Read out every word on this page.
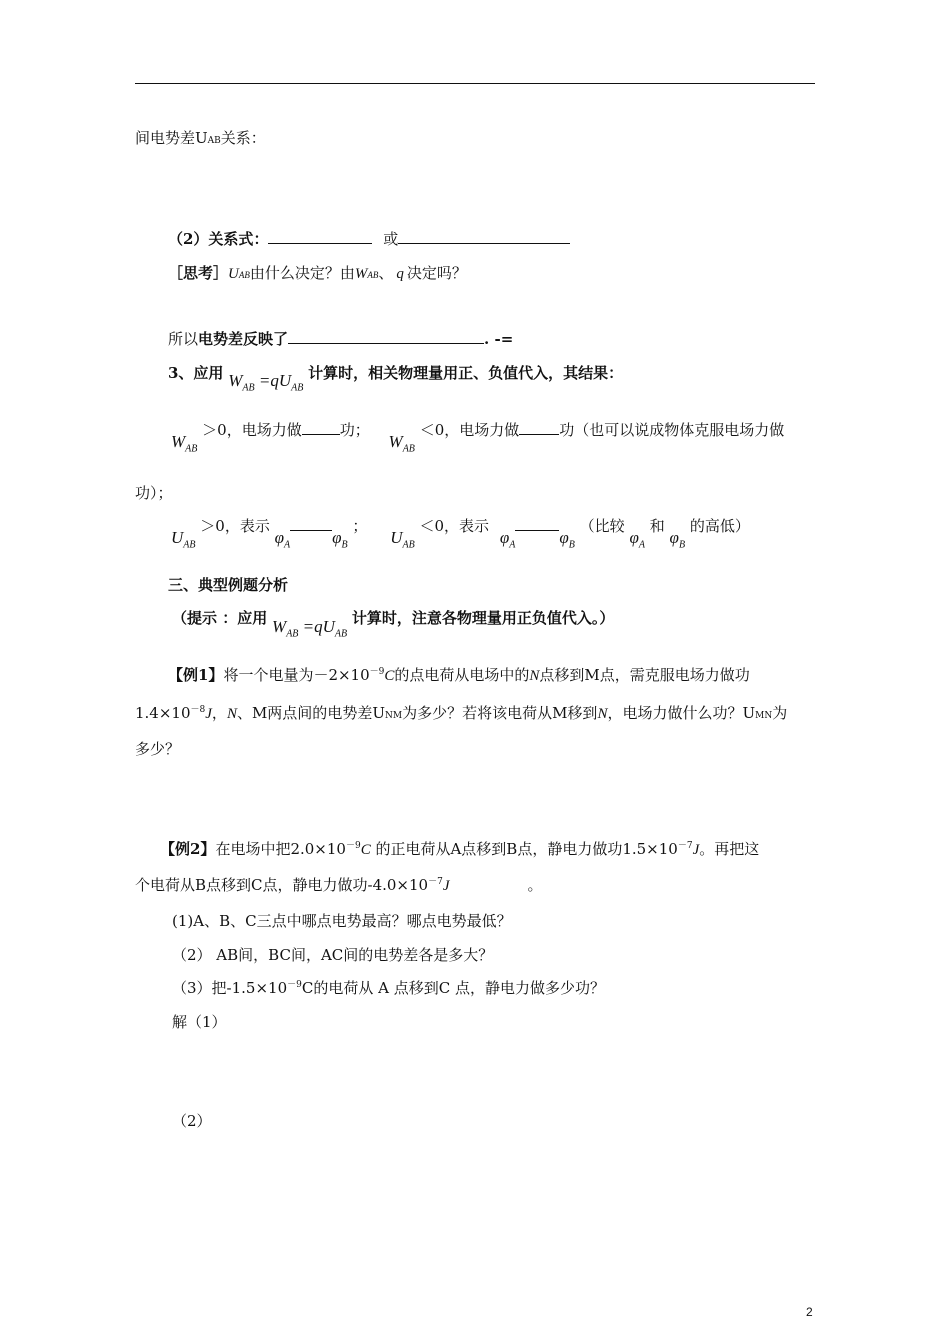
间电势差UAB关系：
（2）关系式：	或
［思考］UAB由什么决定？由WAB、 q 决定吗？
所以电势差反映了	. -=
3、应用 $W_{AB} =qU_{AB}$ 计算时，相关物理量用正、负值代入，其结果：
$W_{AB} >0$，电场力做	功； $W_{AB} <0$，电场力做	功（也可以说成物体克服电场力做
功）；
$U_{AB} >0$，表示 $\varphi_A$ $\varphi_B$ ； $U_{AB} <0$，表示 $\varphi_A$	$\varphi_B$ （比较 $\varphi_A$ 和 $\varphi_B$ 的高低）
三、典型例题分析
（提示 ：应用 $W_{AB} =qU_{AB}$ 计算时，注意各物理量用正负值代入。）
【例1】将一个电量为$-2\times 10^{-9}C$的点电荷从电场中的N点移到M点，需克服电场力做功
$1.4\times 10^{-8}J$，N、M两点间的电势差UNM为多少？若将该电荷从M移到N，电场力做什么功？UMN为
多少？
【例2】在电场中把$2.0\times 10^{-9}C$ 的正电荷从A点移到B点，静电力做功$1.5\times 10^{-7}J$。再把这
个电荷从B点移到C点，静电力做功$-4.0\times 10^{-7}J$	。
(1)A、B、C三点中哪点电势最高？哪点电势最低？
（2） AB间，BC间，AC间的电势差各是多大？
（3）把$-1.5\times 10^{-9}C$的电荷从 A 点移到C 点，静电力做多少功？
解（1）
（2）
2
